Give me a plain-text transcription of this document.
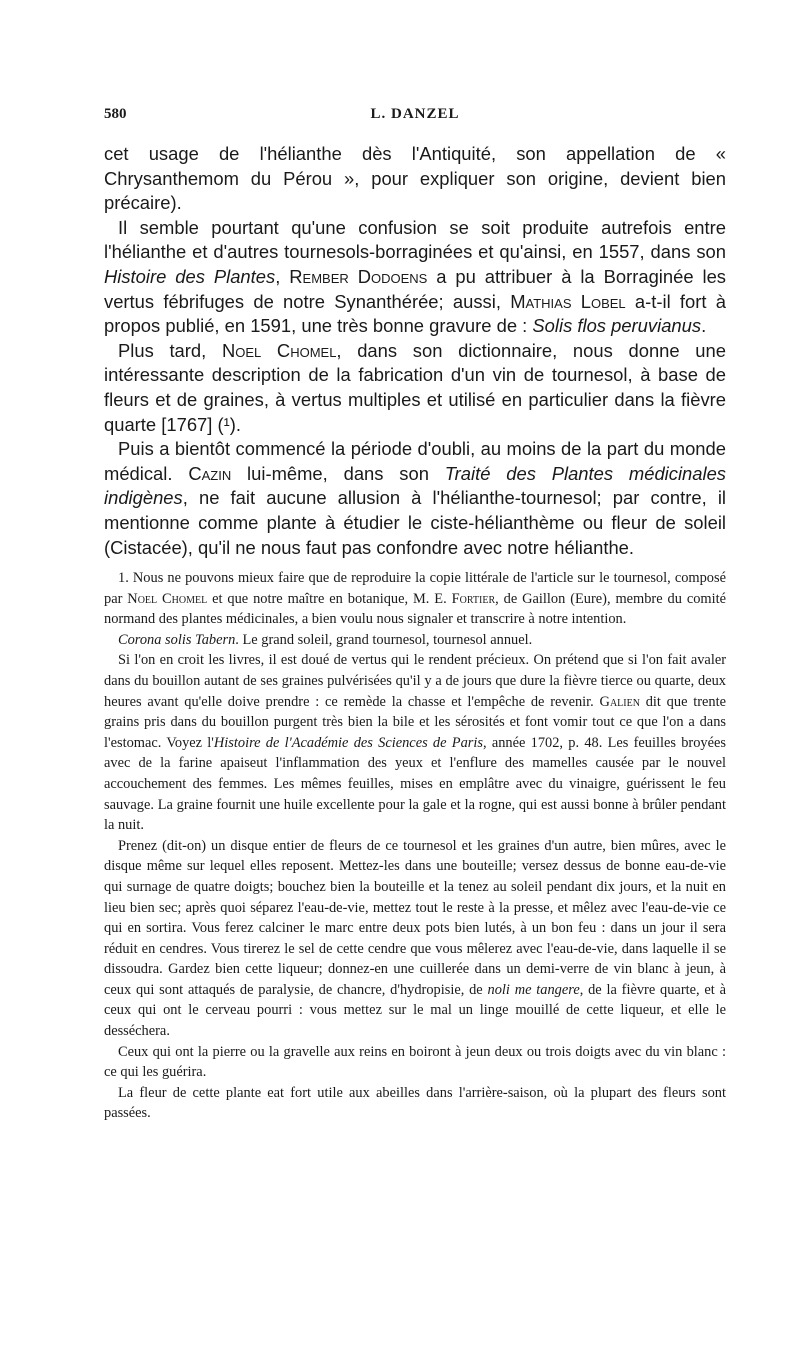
580	L. DANZEL

cet usage de l'hélianthe dès l'Antiquité, son appellation de « Chrysanthemom du Pérou », pour expliquer son origine, devient bien précaire).

Il semble pourtant qu'une confusion se soit produite autrefois entre l'hélianthe et d'autres tournesols-borraginées et qu'ainsi, en 1557, dans son Histoire des Plantes, Rember Dodoens a pu attribuer à la Borraginée les vertus fébrifuges de notre Synanthérée; aussi, Mathias Lobel a-t-il fort à propos publié, en 1591, une très bonne gravure de : Solis flos peruvianus.

Plus tard, Noel Chomel, dans son dictionnaire, nous donne une intéressante description de la fabrication d'un vin de tournesol, à base de fleurs et de graines, à vertus multiples et utilisé en particulier dans la fièvre quarte [1767] (¹).

Puis a bientôt commencé la période d'oubli, au moins de la part du monde médical. Cazin lui-même, dans son Traité des Plantes médicinales indigènes, ne fait aucune allusion à l'hélianthe-tournesol; par contre, il mentionne comme plante à étudier le ciste-hélianthème ou fleur de soleil (Cistacée), qu'il ne nous faut pas confondre avec notre hélianthe.

1. Nous ne pouvons mieux faire que de reproduire la copie littérale de l'article sur le tournesol, composé par Noel Chomel et que notre maître en botanique, M. E. Fortier, de Gaillon (Eure), membre du comité normand des plantes médicinales, a bien voulu nous signaler et transcrire à notre intention.

Corona solis Tabern. Le grand soleil, grand tournesol, tournesol annuel.

Si l'on en croit les livres, il est doué de vertus qui le rendent précieux. On prétend que si l'on fait avaler dans du bouillon autant de ses graines pulvérisées qu'il y a de jours que dure la fièvre tierce ou quarte, deux heures avant qu'elle doive prendre : ce remède la chasse et l'empêche de revenir. Galien dit que trente grains pris dans du bouillon purgent très bien la bile et les sérosités et font vomir tout ce que l'on a dans l'estomac. Voyez l'Histoire de l'Académie des Sciences de Paris, année 1702, p. 48. Les feuilles broyées avec de la farine apaiseut l'inflammation des yeux et l'enflure des mamelles causée par le nouvel accouchement des femmes. Les mêmes feuilles, mises en emplâtre avec du vinaigre, guérissent le feu sauvage. La graine fournit une huile excellente pour la gale et la rogne, qui est aussi bonne à brûler pendant la nuit.

Prenez (dit-on) un disque entier de fleurs de ce tournesol et les graines d'un autre, bien mûres, avec le disque même sur lequel elles reposent. Mettez-les dans une bouteille; versez dessus de bonne eau-de-vie qui surnage de quatre doigts; bouchez bien la bouteille et la tenez au soleil pendant dix jours, et la nuit en lieu bien sec; après quoi séparez l'eau-de-vie, mettez tout le reste à la presse, et mêlez avec l'eau-de-vie ce qui en sortira. Vous ferez calciner le marc entre deux pots bien lutés, à un bon feu : dans un jour il sera réduit en cendres. Vous tirerez le sel de cette cendre que vous mêlerez avec l'eau-de-vie, dans laquelle il se dissoudra. Gardez bien cette liqueur; donnez-en une cuillerée dans un demi-verre de vin blanc à jeun, à ceux qui sont attaqués de paralysie, de chancre, d'hydropisie, de noli me tangere, de la fièvre quarte, et à ceux qui ont le cerveau pourri : vous mettez sur le mal un linge mouillé de cette liqueur, et elle le desséchera.

Ceux qui ont la pierre ou la gravelle aux reins en boiront à jeun deux ou trois doigts avec du vin blanc : ce qui les guérira.

La fleur de cette plante eat fort utile aux abeilles dans l'arrière-saison, où la plupart des fleurs sont passées.
